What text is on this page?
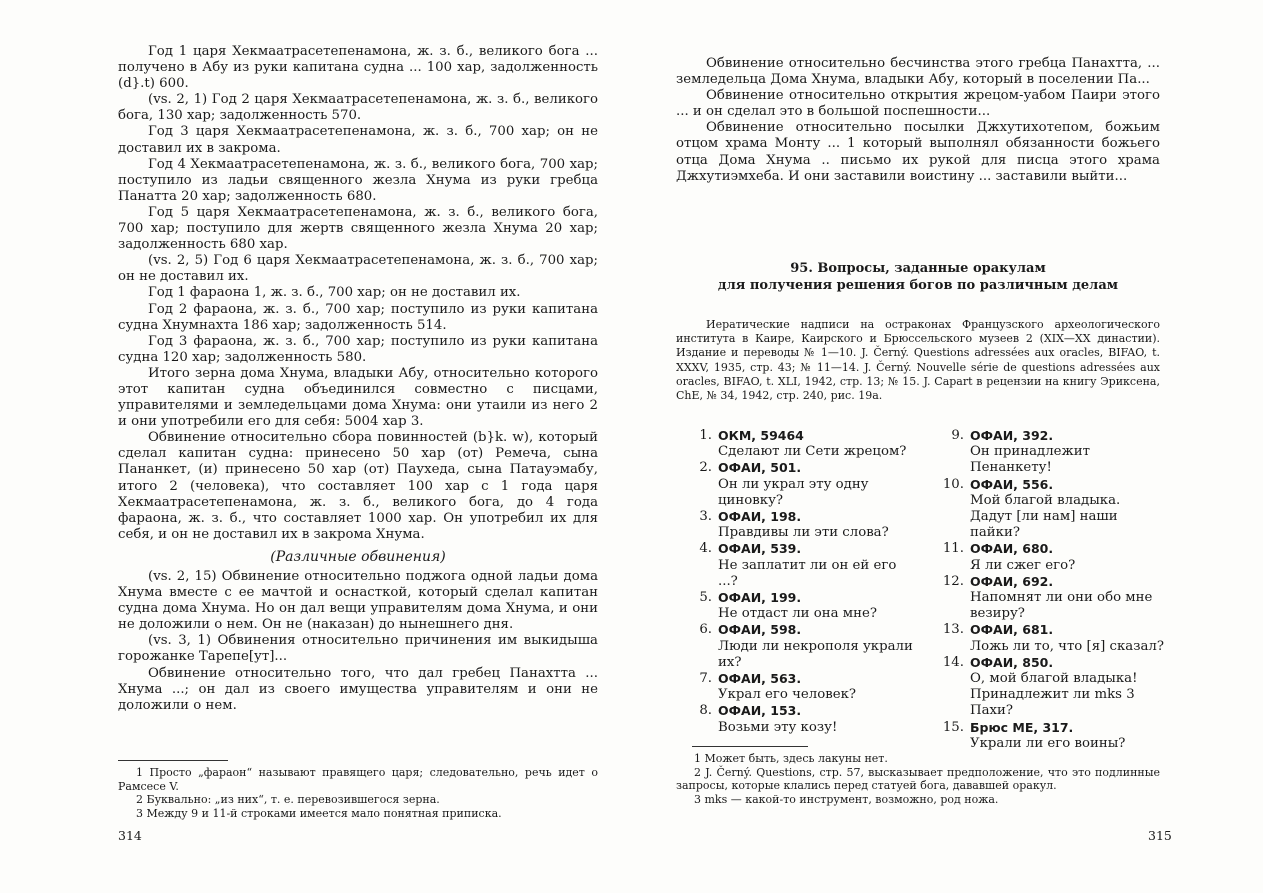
Год 1 царя Хекмаатрасетепенамона, ж. з. б., великого бога ... получено в Абу из руки капитана судна ... 100 хар, задолженность (d}.t) 600.

(vs. 2, 1) Год 2 царя Хекмаатрасетепенамона, ж. з. б., великого бога, 130 хар; задолженность 570.

Год 3 царя Хекмаатрасетепенамона, ж. з. б., 700 хар; он не доставил их в закрома.

Год 4 Хекмаатрасетепенамона, ж. з. б., великого бога, 700 хар; поступило из ладьи священного жезла Хнума из руки гребца Панатта 20 хар; задолженность 680.

Год 5 царя Хекмаатрасетепенамона, ж. з. б., великого бога, 700 хар; поступило для жертв священного жезла Хнума 20 хар; задолженность 680 хар.

(vs. 2, 5) Год 6 царя Хекмаатрасетепенамона, ж. з. б., 700 хар; он не доставил их.

Год 1 фараона 1, ж. з. б., 700 хар; он не доставил их.

Год 2 фараона, ж. з. б., 700 хар; поступило из руки капитана судна Хнумнахта 186 хар; задолженность 514.

Год 3 фараона, ж. з. б., 700 хар; поступило из руки капитана судна 120 хар; задолженность 580.

Итого зерна дома Хнума, владыки Абу, относительно которого этот капитан судна объединился совместно с писцами, управителями и земледельцами дома Хнума: они утаили из него 2 и они употребили его для себя: 5004 хар 3.

Обвинение относительно сбора повинностей (b}k. w), который сделал капитан судна: принесено 50 хар (от) Ремеча, сына Пананкет, (и) принесено 50 хар (от) Паухеда, сына Патауэмабу, итого 2 (человека), что составляет 100 хар с 1 года царя Хекмаатрасетепенамона, ж. з. б., великого бога, до 4 года фараона, ж. з. б., что составляет 1000 хар. Он употребил их для себя, и он не доставил их в закрома Хнума.

(Различные обвинения)

(vs. 2, 15) Обвинение относительно поджога одной ладьи дома Хнума вместе с ее мачтой и оснасткой, который сделал капитан судна дома Хнума. Но он дал вещи управителям дома Хнума, и они не доложили о нем. Он не (наказан) до нынешнего дня.

(vs. 3, 1) Обвинения относительно причинения им выкидыша горожанке Тарепе[ут]...

Обвинение относительно того, что дал гребец Панахтта ... Хнума ...; он дал из своего имущества управителям и они не доложили о нем.

1 Просто „фараон“ называют правящего царя; следовательно, речь идет о Рамсесе V.

2 Буквально: „из них“, т. е. перевозившегося зерна.

3 Между 9 и 11-й строками имеется мало понятная приписка.

314

Обвинение относительно бесчинства этого гребца Панахтта, ... земледельца Дома Хнума, владыки Абу, который в поселении Па...

Обвинение относительно открытия жрецом-уабом Паири этого ... и он сделал это в большой поспешности...

Обвинение относительно посылки Джхутихотепом, божьим отцом храма Монту ... 1 который выполнял обязанности божьего отца Дома Хнума .. письмо их рукой для писца этого храма Джхутиэмхеба. И они заставили воистину ... заставили выйти...

95. Вопросы, заданные оракулам
для получения решения богов по различным делам
Иератические надписи на остраконах Французского археологического института в Каире, Каирского и Брюссельского музеев 2 (XIX—XX династии). Издание и переводы № 1—10. J. Černý. Questions adressées aux oracles, BIFAO, t. XXXV, 1935, стр. 43; № 11—14. J. Černý. Nouvelle série de questions adressées aux oracles, BIFAO, t. XLI, 1942, стр. 13; № 15. J. Capart в рецензии на книгу Эриксена, ChE, № 34, 1942, стр. 240, рис. 19а.
1. ОКМ, 59464
Сделают ли Сети жрецом?
2. ОФАИ, 501.
Он ли украл эту одну циновку?
3. ОФАИ, 198.
Правдивы ли эти слова?
4. ОФАИ, 539.
Не заплатит ли он ей его ...?
5. ОФАИ, 199.
Не отдаст ли она мне?
6. ОФАИ, 598.
Люди ли некрополя украли их?
7. ОФАИ, 563.
Украл его человек?
8. ОФАИ, 153.
Возьми эту козу!
9. ОФАИ, 392.
Он принадлежит Пенанкету!
10. ОФАИ, 556.
Мой благой владыка. Дадут [ли нам] наши пайки?
11. ОФАИ, 680.
Я ли сжег его?
12. ОФАИ, 692.
Напомнят ли они обо мне везиру?
13. ОФАИ, 681.
Ложь ли то, что [я] сказал?
14. ОФАИ, 850.
О, мой благой владыка! Принадлежит ли mks 3 Пахи?
15. Брюс МЕ, 317.
Украли ли его воины?

1 Может быть, здесь лакуны нет.

2 J. Černý. Questions, стр. 57, высказывает предположение, что это подлинные запросы, которые клались перед статуей бога, дававшей оракул.

3 mks — какой-то инструмент, возможно, род ножа.

315
